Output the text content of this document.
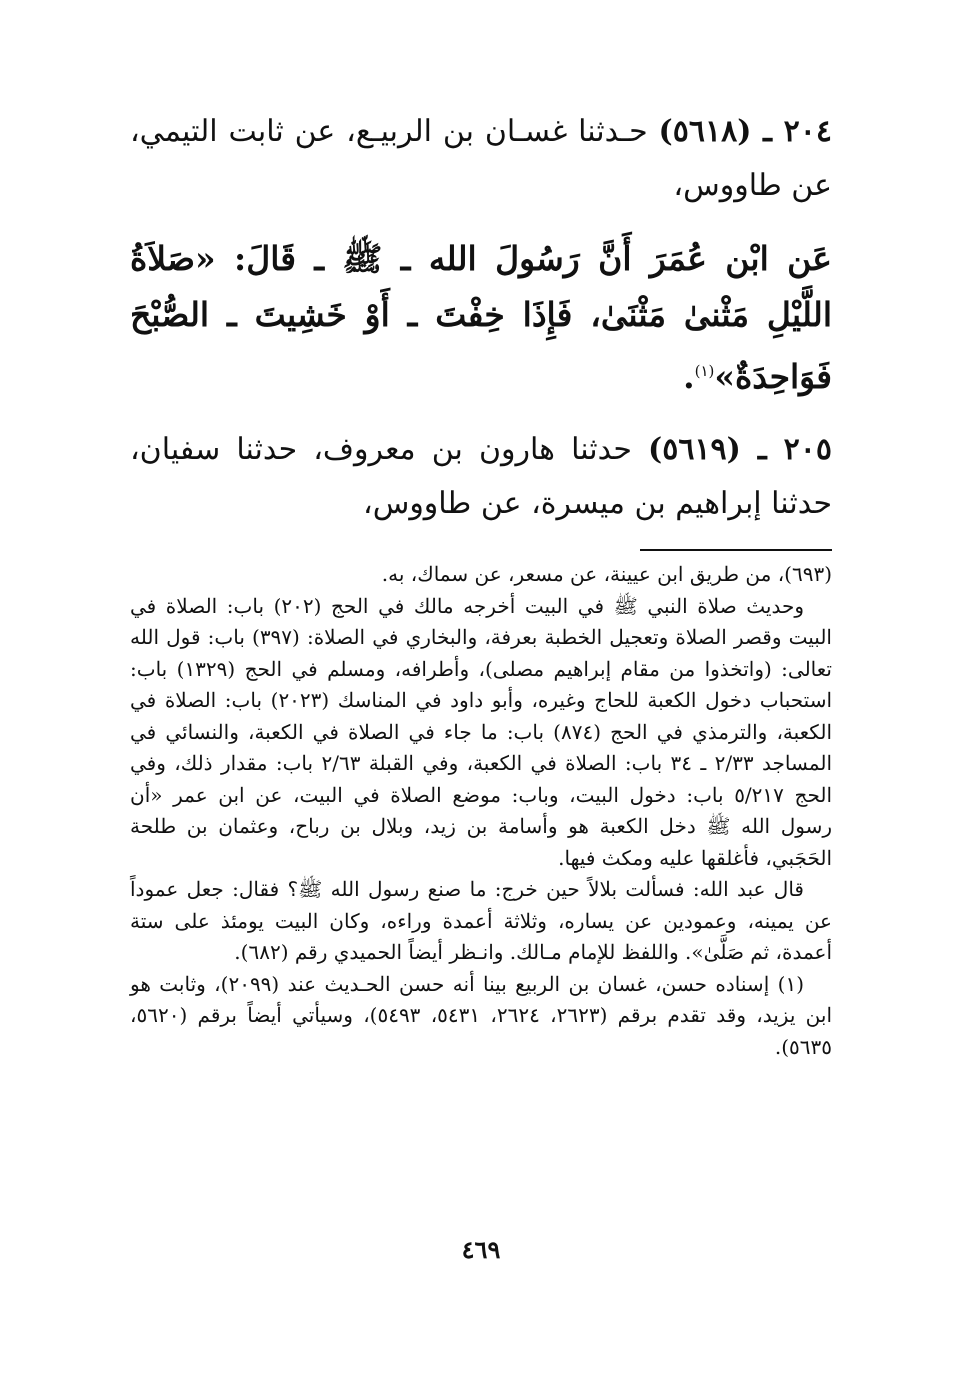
٢٠٤ ـ (٥٦١٨) حـدثنا غسـان بن الربيـع، عن ثابت التيمي، عن طاووس،

عَن ابْن عُمَرَ أَنَّ رَسُولَ الله ـ ﷺ ـ قَالَ: «صَلاَةُ اللَّيْلِ مَثْنىٰ مَثْنَىٰ، فَإِذَا خِفْتَ ـ أَوْ خَشِيتَ ـ الصُّبْحَ فَوَاحِدَةٌ»$^{(١)}$.

٢٠٥ ـ (٥٦١٩) حدثنا هارون بن معروف، حدثنا سفيان، حدثنا إبراهيم بن ميسرة، عن طاووس،

(٦٩٣)، من طريق ابن عيينة، عن مسعر، عن سماك، به.

وحديث صلاة النبي ﷺ في البيت أخرجه مالك في الحج (٢٠٢) باب: الصلاة في البيت وقصر الصلاة وتعجيل الخطبة بعرفة، والبخاري في الصلاة: (٣٩٧) باب: قول الله تعالى: (واتخذوا من مقام إبراهيم مصلى)، وأطرافه، ومسلم في الحج (١٣٢٩) باب: استحباب دخول الكعبة للحاج وغيره، وأبو داود في المناسك (٢٠٢٣) باب: الصلاة في الكعبة، والترمذي في الحج (٨٧٤) باب: ما جاء في الصلاة في الكعبة، والنسائي في المساجد ٢/٣٣ ـ ٣٤ باب: الصلاة في الكعبة، وفي القبلة ٢/٦٣ باب: مقدار ذلك، وفي الحج ٥/٢١٧ باب: دخول البيت، وباب: موضع الصلاة في البيت، عن ابن عمر «أن رسول الله ﷺ دخل الكعبة هو وأسامة بن زيد، وبلال بن رباح، وعثمان بن طلحة الحَجَبي، فأغلقها عليه ومكث فيها.

قال عبد الله: فسألت بلالاً حين خرج: ما صنع رسول الله ﷺ؟ فقال: جعل عموداً عن يمينه، وعمودين عن يساره، وثلاثة أعمدة وراءه، وكان البيت يومئذ على ستة أعمدة، ثم صَلَّىٰ». واللفظ للإمام مـالك. وانـظر أيضاً الحميدي رقم (٦٨٢).

(١) إسناده حسن، غسان بن الربيع بينا أنه حسن الحـديث عند (٢٠٩٩)، وثابت هو ابن يزيد، وقد تقدم برقم (٢٦٢٣، ٢٦٢٤، ٥٤٣١، ٥٤٩٣)، وسيأتي أيضاً برقم (٥٦٢٠، ٥٦٣٥).

٤٦٩
